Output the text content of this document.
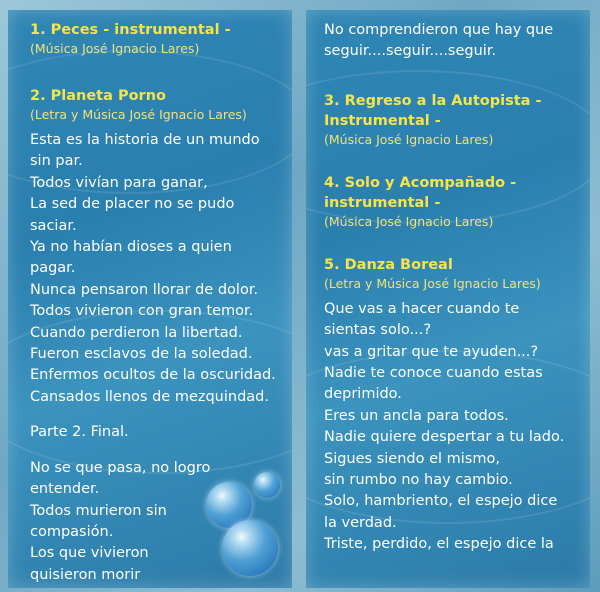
1. Peces - instrumental -
(Música José Ignacio Lares)
2. Planeta Porno
(Letra y Música José Ignacio Lares)
Esta es la historia de un mundo
sin par.
Todos vivían para ganar,
La sed de placer no se pudo
saciar.
Ya no habían dioses a quien
pagar.
Nunca pensaron llorar de dolor.
Todos vivieron con gran temor.
Cuando perdieron la libertad.
Fueron esclavos de la soledad.
Enfermos ocultos de la oscuridad.
Cansados llenos de mezquindad.
Parte 2. Final.
No se que pasa, no logro
entender.
Todos murieron sin
compasión.
Los que vivieron
quisieron morir
No comprendieron que hay que
seguir....seguir....seguir.
3. Regreso a la Autopista -
Instrumental -
(Música José Ignacio Lares)
4. Solo y Acompañado -
instrumental -
(Música José Ignacio Lares)
5. Danza Boreal
(Letra y Música José Ignacio Lares)
Que vas a hacer cuando te
sientas solo...?
vas a gritar que te ayuden...?
Nadie te conoce cuando estas
deprimido.
Eres un ancla para todos.
Nadie quiere despertar a tu lado.
Sigues siendo el mismo,
sin rumbo no hay cambio.
Solo, hambriento, el espejo dice
la verdad.
Triste, perdido, el espejo dice la
